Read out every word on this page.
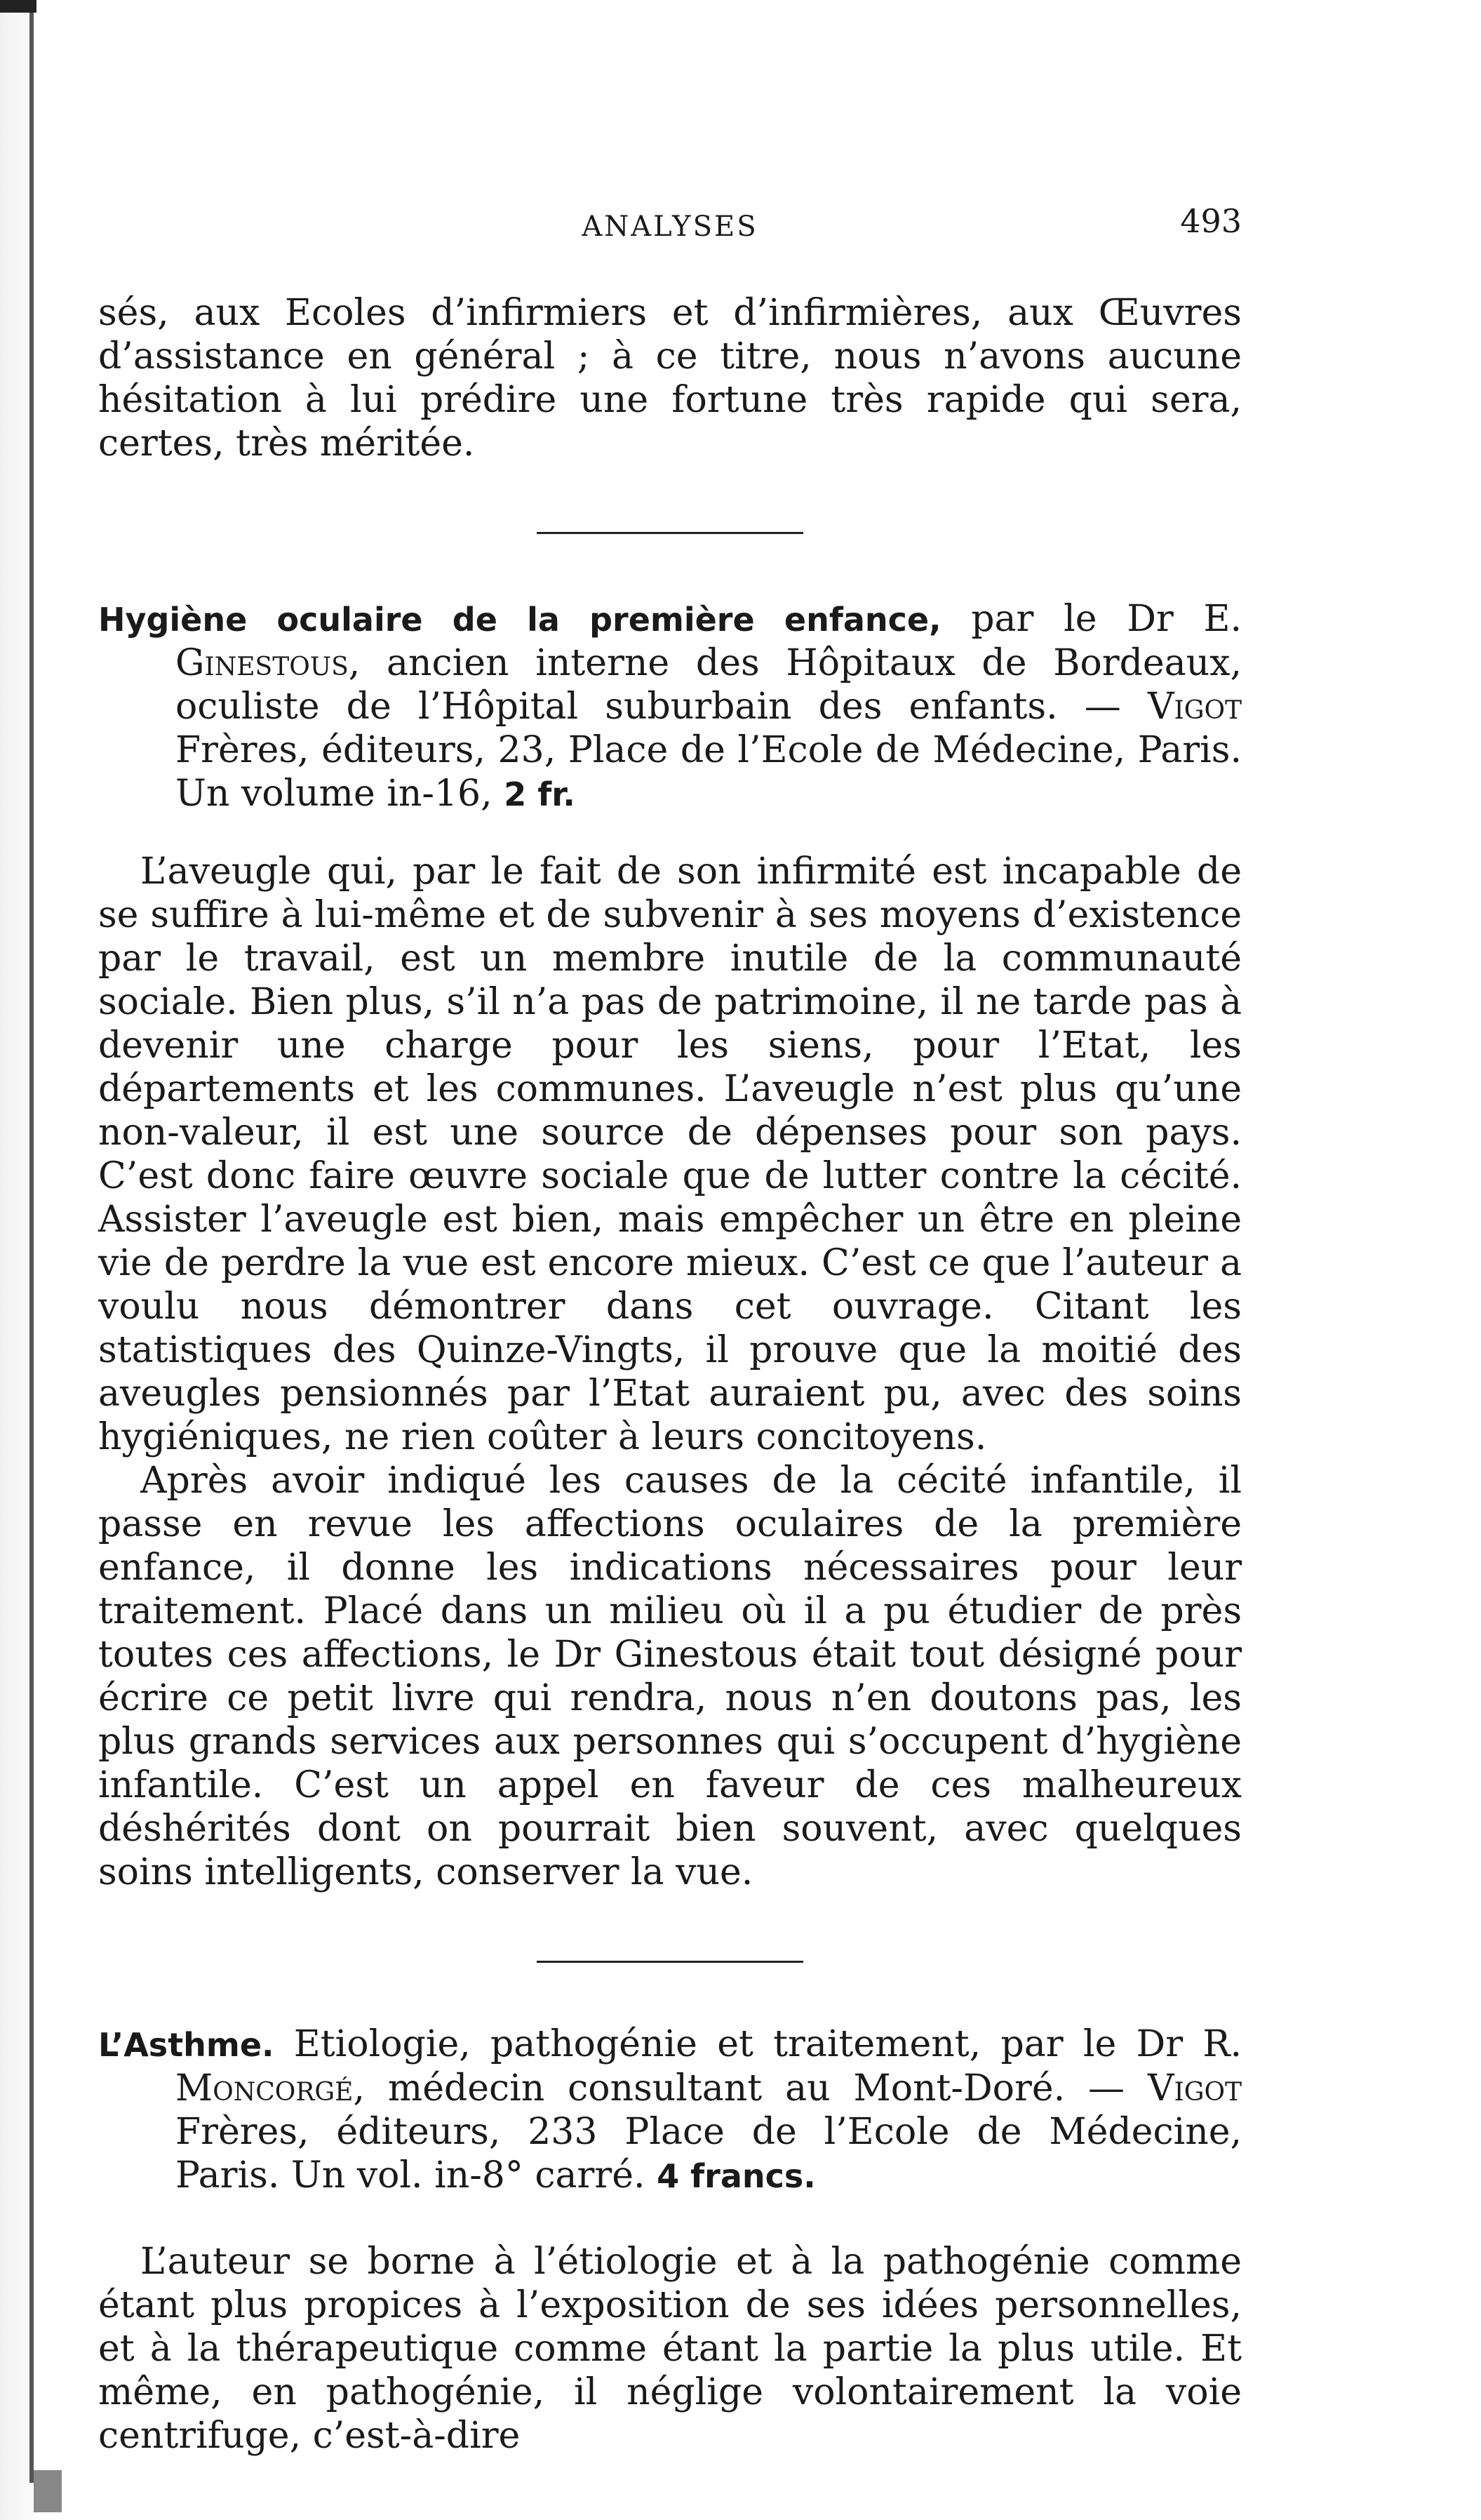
ANALYSES	493

sés, aux Ecoles d’infirmiers et d’infirmières, aux Œuvres d’assistance en général ; à ce titre, nous n’avons aucune hésitation à lui prédire une fortune très rapide qui sera, certes, très méritée.

Hygiène oculaire de la première enfance, par le Dr E. Ginestous, ancien interne des Hôpitaux de Bordeaux, oculiste de l’Hôpital suburbain des enfants. — Vigot Frères, éditeurs, 23, Place de l’Ecole de Médecine, Paris. Un volume in-16, 2 fr.

L’aveugle qui, par le fait de son infirmité est incapable de se suffire à lui-même et de subvenir à ses moyens d’existence par le travail, est un membre inutile de la communauté sociale. Bien plus, s’il n’a pas de patrimoine, il ne tarde pas à devenir une charge pour les siens, pour l’Etat, les départements et les communes. L’aveugle n’est plus qu’une non-valeur, il est une source de dépenses pour son pays. C’est donc faire œuvre sociale que de lutter contre la cécité. Assister l’aveugle est bien, mais empêcher un être en pleine vie de perdre la vue est encore mieux. C’est ce que l’auteur a voulu nous démontrer dans cet ouvrage. Citant les statistiques des Quinze-Vingts, il prouve que la moitié des aveugles pensionnés par l’Etat auraient pu, avec des soins hygiéniques, ne rien coûter à leurs concitoyens.

Après avoir indiqué les causes de la cécité infantile, il passe en revue les affections oculaires de la première enfance, il donne les indications nécessaires pour leur traitement. Placé dans un milieu où il a pu étudier de près toutes ces affections, le Dr Ginestous était tout désigné pour écrire ce petit livre qui rendra, nous n’en doutons pas, les plus grands services aux personnes qui s’occupent d’hygiène infantile. C’est un appel en faveur de ces malheureux déshérités dont on pourrait bien souvent, avec quelques soins intelligents, conserver la vue.

L’Asthme. Etiologie, pathogénie et traitement, par le Dr R. Moncorgé, médecin consultant au Mont-Doré. — Vigot Frères, éditeurs, 233 Place de l’Ecole de Médecine, Paris. Un vol. in-8° carré. 4 francs.

L’auteur se borne à l’étiologie et à la pathogénie comme étant plus propices à l’exposition de ses idées personnelles, et à la thérapeutique comme étant la partie la plus utile. Et même, en pathogénie, il néglige volontairement la voie centrifuge, c’est-à-dire
